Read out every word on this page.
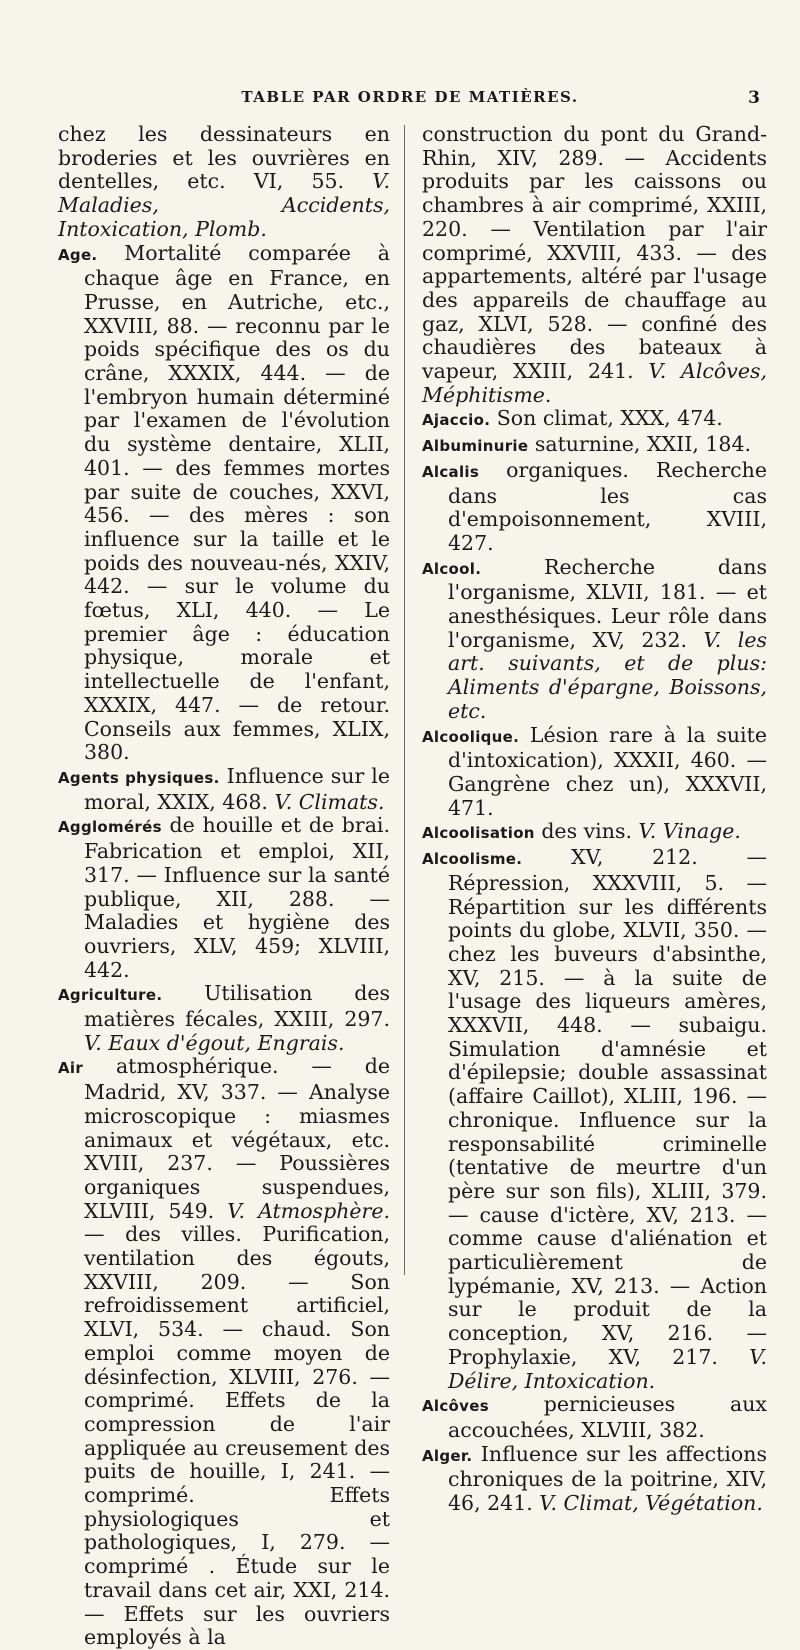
TABLE PAR ORDRE DE MATIÈRES.	3

chez les dessinateurs en broderies et les ouvrières en dentelles, etc. VI, 55. V. Maladies, Accidents, Intoxication, Plomb.

Age. Mortalité comparée à chaque âge en France, en Prusse, en Autriche, etc., XXVIII, 88. — reconnu par le poids spécifique des os du crâne, XXXIX, 444. — de l'embryon humain déterminé par l'examen de l'évolution du système dentaire, XLII, 401. — des femmes mortes par suite de couches, XXVI, 456. — des mères : son influence sur la taille et le poids des nouveau-nés, XXIV, 442. — sur le volume du fœtus, XLI, 440. — Le premier âge : éducation physique, morale et intellectuelle de l'enfant, XXXIX, 447. — de retour. Conseils aux femmes, XLIX, 380.

Agents physiques. Influence sur le moral, XXIX, 468. V. Climats.

Agglomérés de houille et de brai. Fabrication et emploi, XII, 317. — Influence sur la santé publique, XII, 288. — Maladies et hygiène des ouvriers, XLV, 459; XLVIII, 442.

Agriculture. Utilisation des matières fécales, XXIII, 297. V. Eaux d'égout, Engrais.

Air atmosphérique. — de Madrid, XV, 337. — Analyse microscopique : miasmes animaux et végétaux, etc. XVIII, 237. — Poussières organiques suspendues, XLVIII, 549. V. Atmosphère. — des villes. Purification, ventilation des égouts, XXVIII, 209. — Son refroidissement artificiel, XLVI, 534. — chaud. Son emploi comme moyen de désinfection, XLVIII, 276. — comprimé. Effets de la compression de l'air appliquée au creusement des puits de houille, I, 241. — comprimé. Effets physiologiques et pathologiques, I, 279. — comprimé . Étude sur le travail dans cet air, XXI, 214. — Effets sur les ouvriers employés à la

construction du pont du Grand-Rhin, XIV, 289. — Accidents produits par les caissons ou chambres à air comprimé, XXIII, 220. — Ventilation par l'air comprimé, XXVIII, 433. — des appartements, altéré par l'usage des appareils de chauffage au gaz, XLVI, 528. — confiné des chaudières des bateaux à vapeur, XXIII, 241. V. Alcôves, Méphitisme.

Ajaccio. Son climat, XXX, 474.

Albuminurie saturnine, XXII, 184.

Alcalis organiques. Recherche dans les cas d'empoisonnement, XVIII, 427.

Alcool. Recherche dans l'organisme, XLVII, 181. — et anesthésiques. Leur rôle dans l'organisme, XV, 232. V. les art. suivants, et de plus: Aliments d'épargne, Boissons, etc.

Alcoolique. Lésion rare à la suite d'intoxication), XXXII, 460. — Gangrène chez un), XXXVII, 471.

Alcoolisation des vins. V. Vinage.

Alcoolisme. XV, 212. — Répression, XXXVIII, 5. — Répartition sur les différents points du globe, XLVII, 350. — chez les buveurs d'absinthe, XV, 215. — à la suite de l'usage des liqueurs amères, XXXVII, 448. — subaigu. Simulation d'amnésie et d'épilepsie; double assassinat (affaire Caillot), XLIII, 196. — chronique. Influence sur la responsabilité criminelle (tentative de meurtre d'un père sur son fils), XLIII, 379. — cause d'ictère, XV, 213. — comme cause d'aliénation et particulièrement de lypémanie, XV, 213. — Action sur le produit de la conception, XV, 216. — Prophylaxie, XV, 217. V. Délire, Intoxication.

Alcôves pernicieuses aux accouchées, XLVIII, 382.

Alger. Influence sur les affections chroniques de la poitrine, XIV, 46, 241. V. Climat, Végétation.
